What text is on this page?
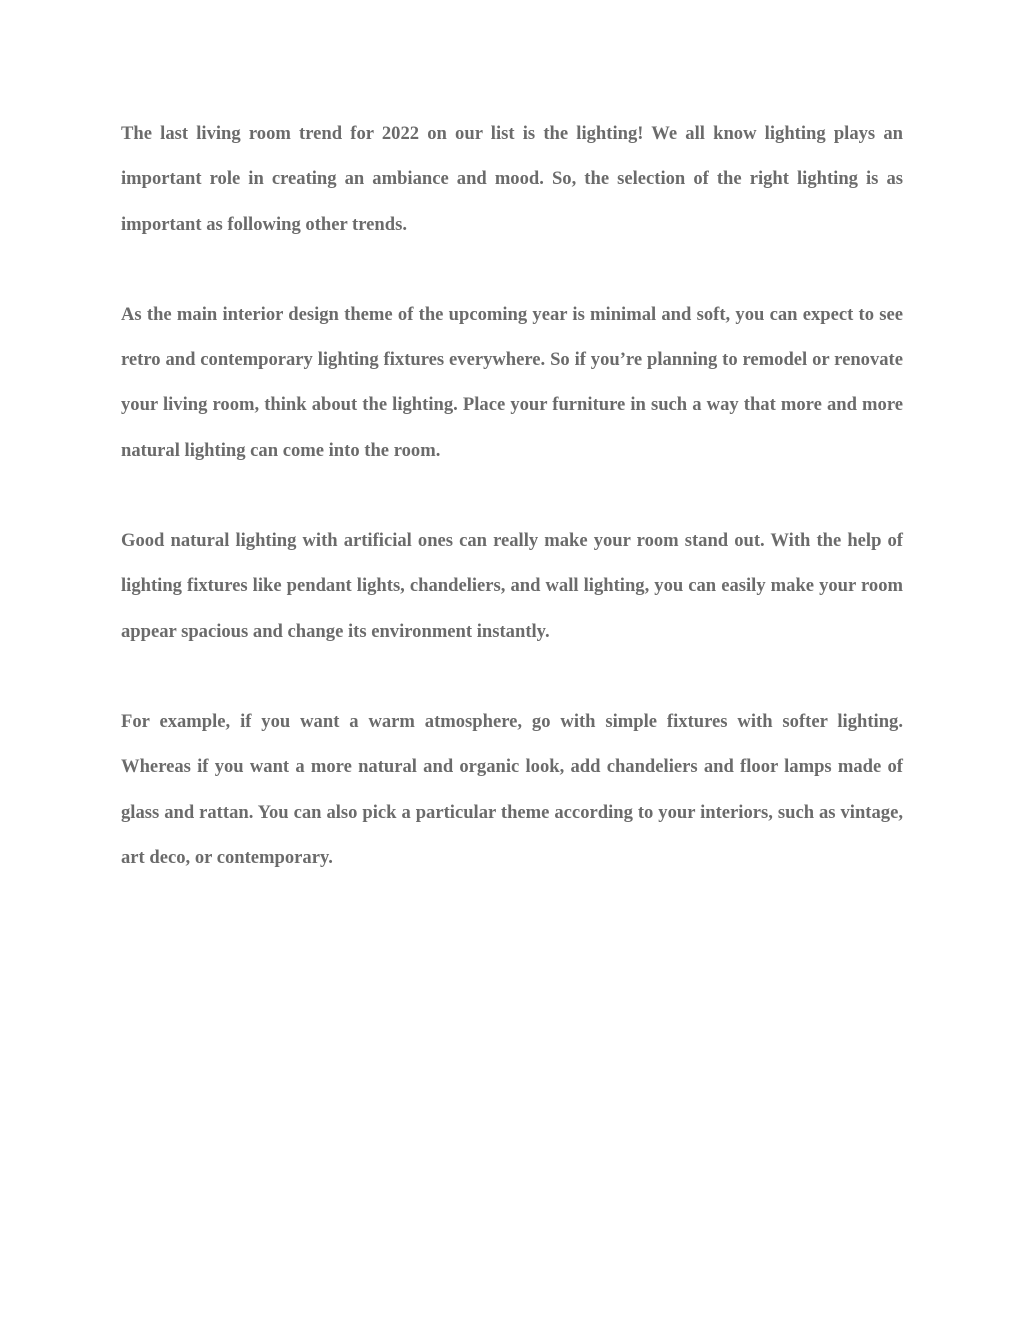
The last living room trend for 2022 on our list is the lighting! We all know lighting plays an important role in creating an ambiance and mood. So, the selection of the right lighting is as important as following other trends.

As the main interior design theme of the upcoming year is minimal and soft, you can expect to see retro and contemporary lighting fixtures everywhere. So if you’re planning to remodel or renovate your living room, think about the lighting. Place your furniture in such a way that more and more natural lighting can come into the room.

Good natural lighting with artificial ones can really make your room stand out. With the help of lighting fixtures like pendant lights, chandeliers, and wall lighting, you can easily make your room appear spacious and change its environment instantly.

For example, if you want a warm atmosphere, go with simple fixtures with softer lighting. Whereas if you want a more natural and organic look, add chandeliers and floor lamps made of glass and rattan. You can also pick a particular theme according to your interiors, such as vintage, art deco, or contemporary.
